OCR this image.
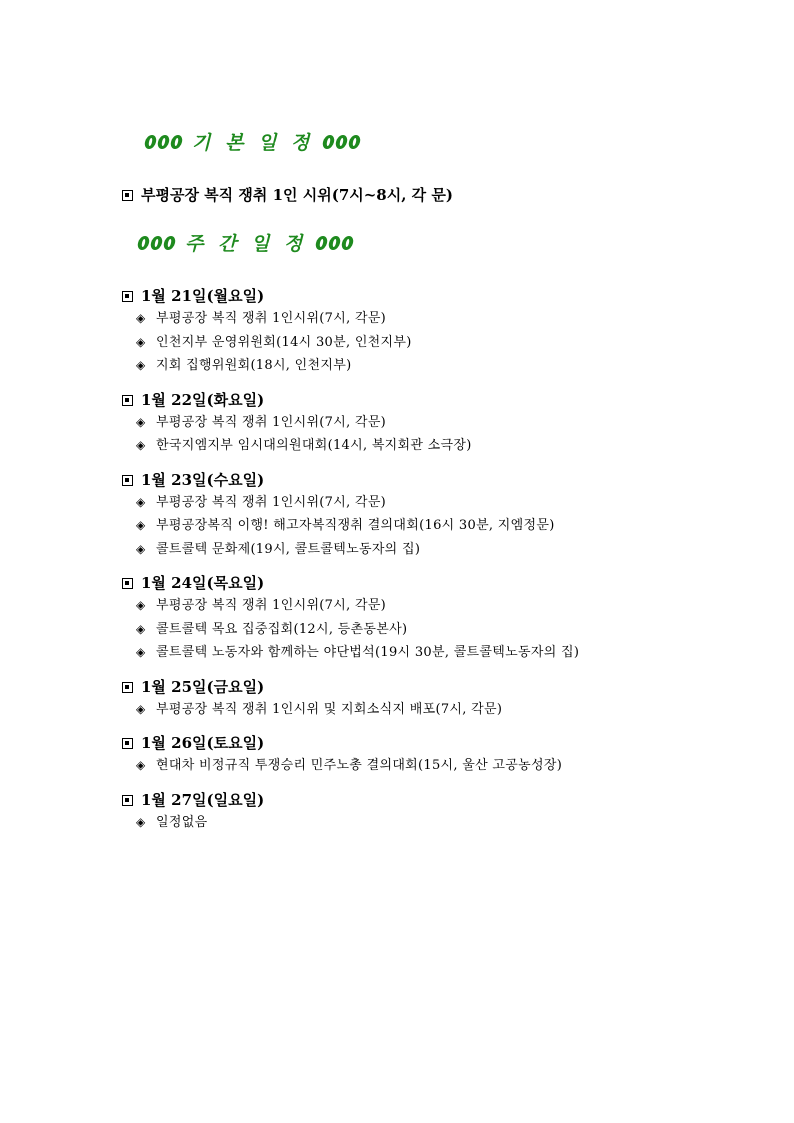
기 본 일 정
부평공장 복직 쟁취 1인 시위(7시~8시, 각 문)
주 간 일 정
1월 21일(월요일)
◈ 부평공장 복직 쟁취 1인시위(7시, 각문)
◈ 인천지부 운영위원회(14시 30분, 인천지부)
◈ 지회 집행위원회(18시, 인천지부)
1월 22일(화요일)
◈ 부평공장 복직 쟁취 1인시위(7시, 각문)
◈ 한국지엠지부 임시대의원대회(14시, 복지회관 소극장)
1월 23일(수요일)
◈ 부평공장 복직 쟁취 1인시위(7시, 각문)
◈ 부평공장복직 이행! 해고자복직쟁취 결의대회(16시 30분, 지엠정문)
◈ 콜트콜텍 문화제(19시, 콜트콜텍노동자의 집)
1월 24일(목요일)
◈ 부평공장 복직 쟁취 1인시위(7시, 각문)
◈ 콜트콜텍 목요 집중집회(12시, 등촌동본사)
◈ 콜트콜텍 노동자와 함께하는 야단법석(19시 30분, 콜트콜텍노동자의 집)
1월 25일(금요일)
◈ 부평공장 복직 쟁취 1인시위 및 지회소식지 배포(7시, 각문)
1월 26일(토요일)
◈ 현대차 비정규직 투쟁승리 민주노총 결의대회(15시, 울산 고공농성장)
1월 27일(일요일)
◈ 일정없음
